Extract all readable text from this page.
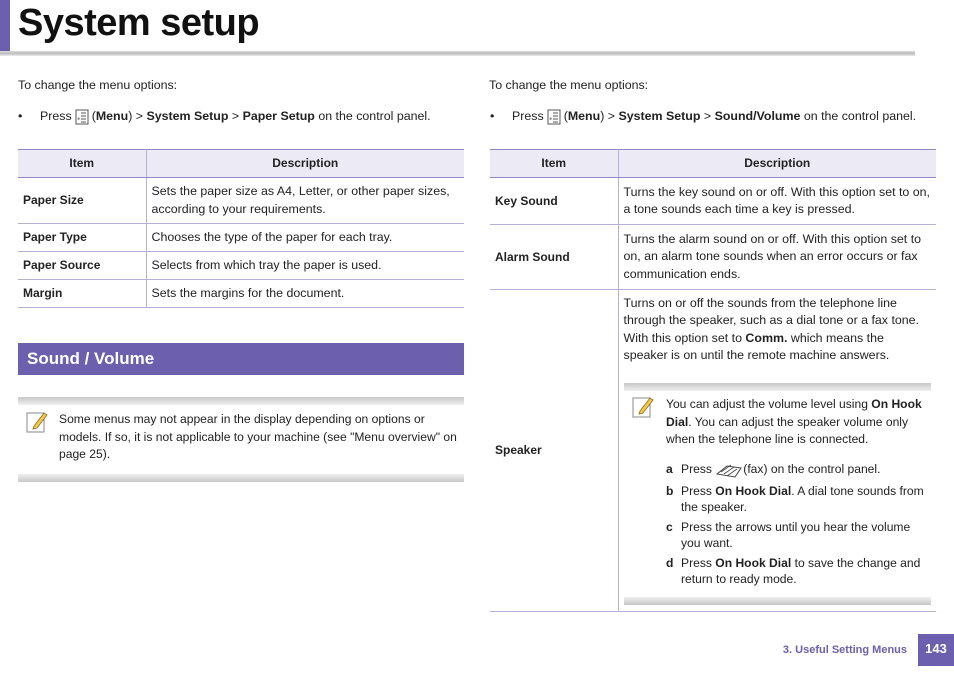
System setup
To change the menu options:
•	Press * ( Menu ) >
System Setup
>
Paper Setup
on the control panel.
Item	Description
Paper Size	Sets the paper size as A4, Letter, or other paper sizes, according to your requirements.
Paper Type	Chooses the type of the paper for each tray.
Paper Source	Selects from which tray the paper is used.
Margin	Sets the margins for the document.
Sound / Volume
Some menus may not appear in the display depending on options or models. If so, it is not applicable to your machine (see "Menu overview" on page 25).
To change the menu options:
•	Press * ( Menu ) >
System Setup
>
Sound/Volume
on the control panel.
Item	Description
Key Sound	Turns the key sound on or off. With this option set to on, a tone sounds each time a key is pressed.
Alarm Sound	Turns the alarm sound on or off. With this option set to on, an alarm tone sounds when an error occurs or fax communication ends.
Speaker	Turns on or off the sounds from the telephone line through the speaker, such as a dial tone or a fax tone. With this option set to Comm. which means the speaker is on until the remote machine answers.
You can adjust the volume level using On Hook Dial. You can adjust the speaker volume only when the telephone line is connected.
a Press	(fax) on the control panel.
b Press On Hook Dial. A dial tone sounds from the speaker.
c Press the arrows until you hear the volume you want.
d Press On Hook Dial to save the change and return to ready mode.
3. Useful Setting Menus	143
